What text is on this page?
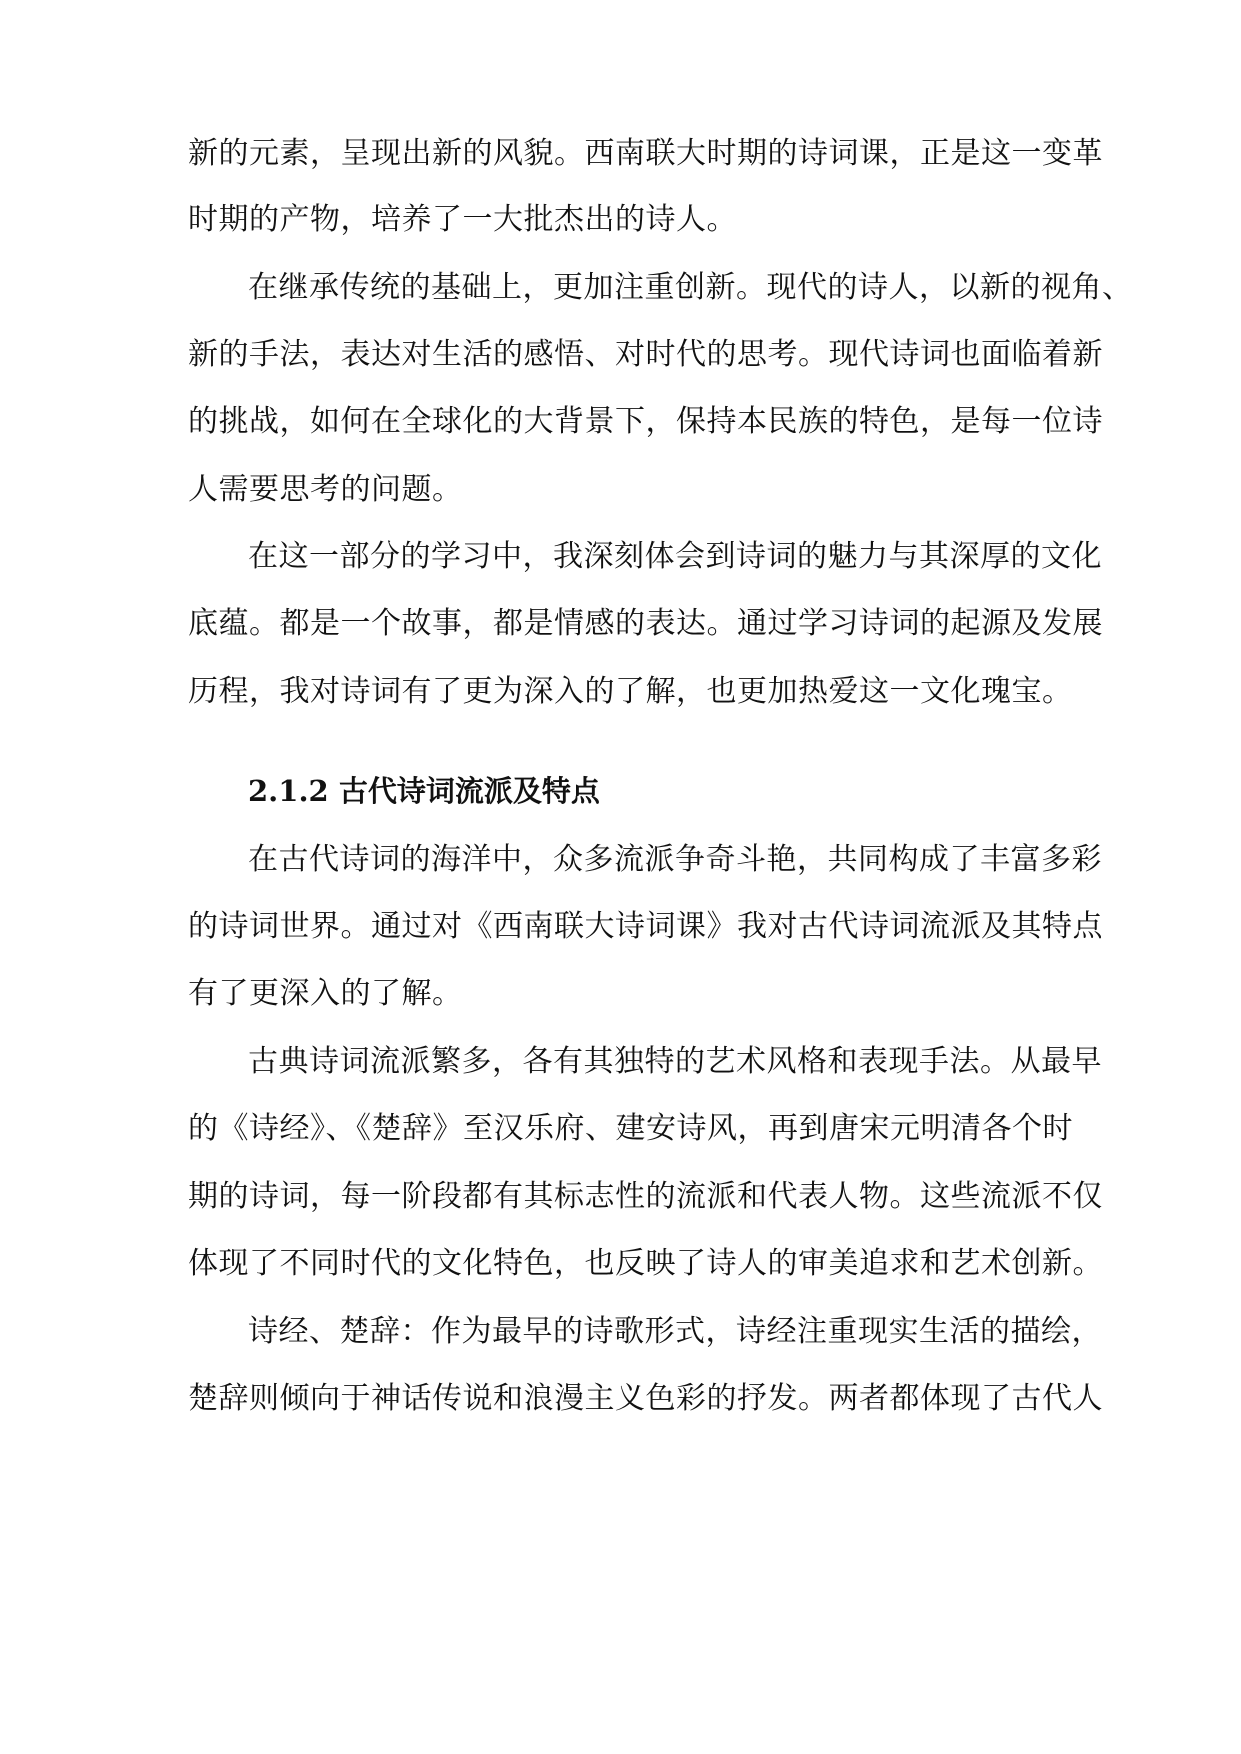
新的元素，呈现出新的风貌。西南联大时期的诗词课，正是这一变革
时期的产物，培养了一大批杰出的诗人。
在继承传统的基础上，更加注重创新。现代的诗人，以新的视角、
新的手法，表达对生活的感悟、对时代的思考。现代诗词也面临着新
的挑战，如何在全球化的大背景下，保持本民族的特色，是每一位诗
人需要思考的问题。
在这一部分的学习中，我深刻体会到诗词的魅力与其深厚的文化
底蕴。都是一个故事，都是情感的表达。通过学习诗词的起源及发展
历程，我对诗词有了更为深入的了解，也更加热爱这一文化瑰宝。
2.1.2 古代诗词流派及特点
在古代诗词的海洋中，众多流派争奇斗艳，共同构成了丰富多彩
的诗词世界。通过对《西南联大诗词课》我对古代诗词流派及其特点
有了更深入的了解。
古典诗词流派繁多，各有其独特的艺术风格和表现手法。从最早
的《诗经》、《楚辞》至汉乐府、建安诗风，再到唐宋元明清各个时
期的诗词，每一阶段都有其标志性的流派和代表人物。这些流派不仅
体现了不同时代的文化特色，也反映了诗人的审美追求和艺术创新。
诗经、楚辞：作为最早的诗歌形式，诗经注重现实生活的描绘，
楚辞则倾向于神话传说和浪漫主义色彩的抒发。两者都体现了古代人
